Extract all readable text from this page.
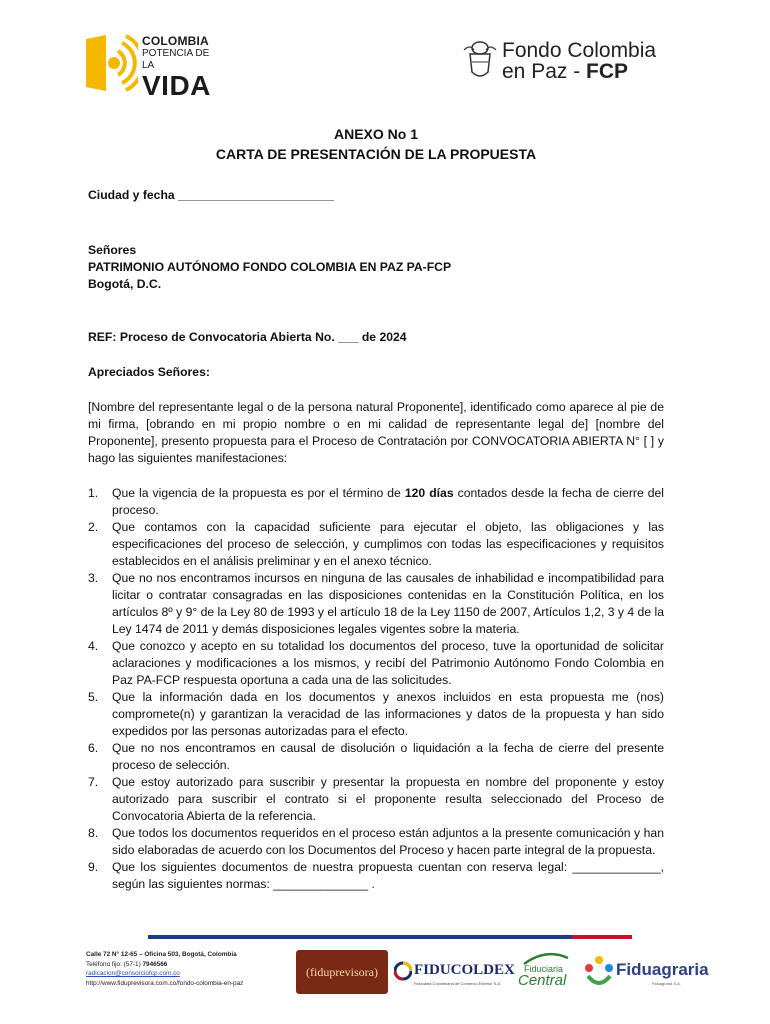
COLOMBIA
POTENCIA DE LA
VIDA
Fondo Colombia
en Paz - FCP
ANEXO No 1
CARTA DE PRESENTACIÓN DE LA PROPUESTA

Ciudad y fecha _______________________

Señores

PATRIMONIO AUTÓNOMO FONDO COLOMBIA EN PAZ PA-FCP

Bogotá, D.C.

REF: Proceso de Convocatoria Abierta No. ___ de 2024

Apreciados Señores:

[Nombre del representante legal o de la persona natural Proponente], identificado como aparece al pie de mi firma, [obrando en mi propio nombre o en mi calidad de representante legal de] [nombre del Proponente], presento propuesta para el Proceso de Contratación por CONVOCATORIA ABIERTA N° [ ] y hago las siguientes manifestaciones:

1. Que la vigencia de la propuesta es por el término de 120 días contados desde la fecha de cierre del proceso.
2. Que contamos con la capacidad suficiente para ejecutar el objeto, las obligaciones y las especificaciones del proceso de selección, y cumplimos con todas las especificaciones y requisitos establecidos en el análisis preliminar y en el anexo técnico.
3. Que no nos encontramos incursos en ninguna de las causales de inhabilidad e incompatibilidad para licitar o contratar consagradas en las disposiciones contenidas en la Constitución Política, en los artículos 8º y 9° de la Ley 80 de 1993 y el artículo 18 de la Ley 1150 de 2007, Artículos 1,2, 3 y 4 de la Ley 1474 de 2011 y demás disposiciones legales vigentes sobre la materia.
4. Que conozco y acepto en su totalidad los documentos del proceso, tuve la oportunidad de solicitar aclaraciones y modificaciones a los mismos, y recibí del Patrimonio Autónomo Fondo Colombia en Paz PA-FCP respuesta oportuna a cada una de las solicitudes.
5. Que la información dada en los documentos y anexos incluidos en esta propuesta me (nos) compromete(n) y garantizan la veracidad de las informaciones y datos de la propuesta y han sido expedidos por las personas autorizadas para el efecto.
6. Que no nos encontramos en causal de disolución o liquidación a la fecha de cierre del presente proceso de selección.
7. Que estoy autorizado para suscribir y presentar la propuesta en nombre del proponente y estoy autorizado para suscribir el contrato si el proponente resulta seleccionado del Proceso de Convocatoria Abierta de la referencia.
8. Que todos los documentos requeridos en el proceso están adjuntos a la presente comunicación y han sido elaboradas de acuerdo con los Documentos del Proceso y hacen parte integral de la propuesta.
9. Que los siguientes documentos de nuestra propuesta cuentan con reserva legal: _____________, según las siguientes normas: ______________ .
Calle 72 N° 12-65 – Oficina 503, Bogotá, Colombia
Teléfono fijo: (57-1) 7946566
radicacion@consorciofcp.com.co
http://www.fiduprevisora.com.co/fondo-colombia-en-paz
(fiduprevisora)	FIDUCOLDEX
Fiduciaria Colombiana de Comercio Exterior S.A.
Fiduciaria
Central
Fiduagraria
Fiduagraria S.A.
